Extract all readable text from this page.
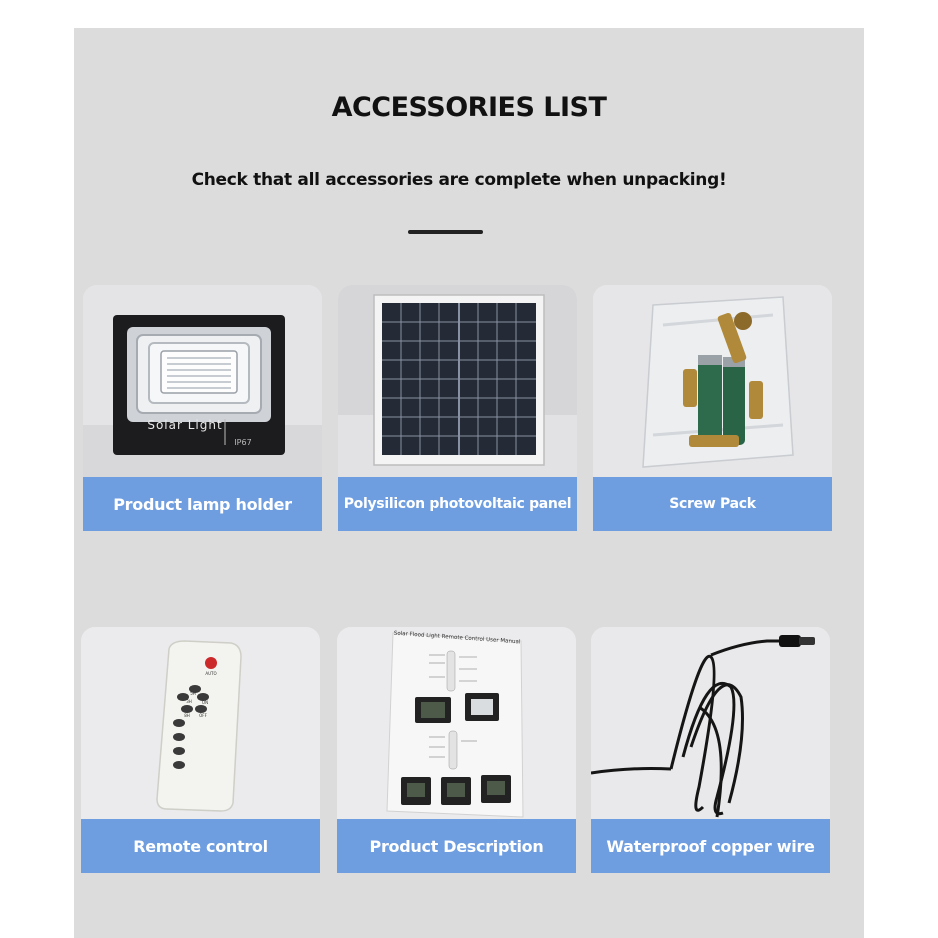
ACCESSORIES LIST
Check that all accessories are complete when unpacking!
Solar Light
IP67
Product lamp holder	Polysilicon photovoltaic panel	Screw Pack
AUTO
3H	ON
8H OFF
5H
Remote control
Solar Flood Light Remote Control User Manual
Product Description	Waterproof copper wire
